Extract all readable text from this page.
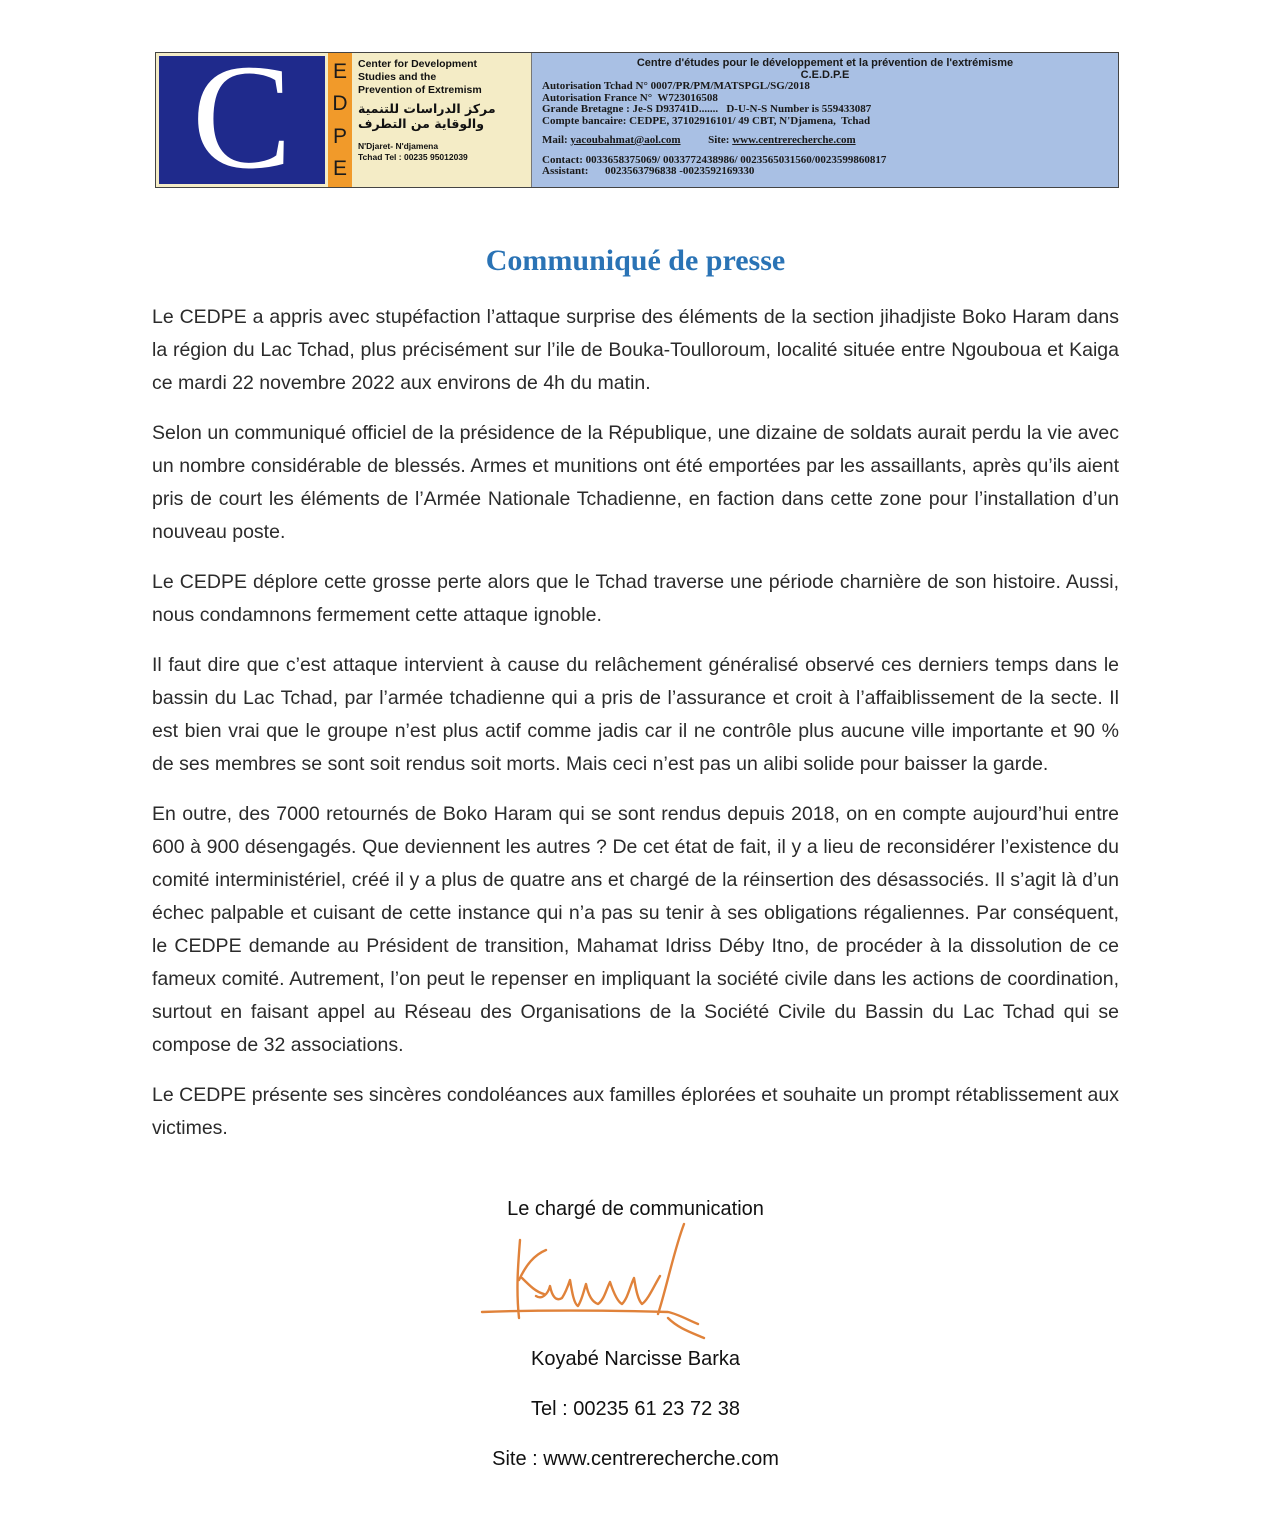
C E
D
P
E
Center for Development
Studies and the
Prevention of Extremism
مركز الدراسات للتنمية
والوقاية من التطرف
N'Djaret- N'djamena
Tchad Tel : 00235 95012039
Centre d'études pour le développement et la prévention de l'extrémisme
C.E.D.P.E
Autorisation Tchad N° 0007/PR/PM/MATSPGL/SG/2018
Autorisation France N°  W723016508
Grande Bretagne : Je-S D93741D.......   D-U-N-S Number is 559433087
Compte bancaire: CEDPE, 37102916101/ 49 CBT, N'Djamena,  Tchad
Mail: yacoubahmat@aol.com	Site: www.centrerecherche.com
Contact: 0033658375069/ 0033772438986/ 0023565031560/0023599860817
Assistant:      0023563796838 -0023592169330
Communiqué de presse

Le CEDPE a appris avec stupéfaction l’attaque surprise des éléments de la section jihadjiste Boko Haram dans la région du Lac Tchad, plus précisément sur l’ile de Bouka-Toulloroum, localité située entre Ngouboua et Kaiga ce mardi 22 novembre 2022 aux environs de 4h du matin.

Selon un communiqué officiel de la présidence de la République, une dizaine de soldats aurait perdu la vie avec un nombre considérable de blessés. Armes et munitions ont été emportées par les assaillants, après qu’ils aient pris de court les éléments de l’Armée Nationale Tchadienne, en faction dans cette zone pour l’installation d’un nouveau poste.

Le CEDPE déplore cette grosse perte alors que le Tchad traverse une période charnière de son histoire. Aussi, nous condamnons fermement cette attaque ignoble.

Il faut dire que c’est attaque intervient à cause du relâchement généralisé observé ces derniers temps dans le bassin du Lac Tchad, par l’armée tchadienne qui a pris de l’assurance et croit à l’affaiblissement de la secte. Il est bien vrai que le groupe n’est plus actif comme jadis car il ne contrôle plus aucune ville importante et 90 % de ses membres se sont soit rendus soit morts. Mais ceci n’est pas un alibi solide pour baisser la garde.

En outre, des 7000 retournés de Boko Haram qui se sont rendus depuis 2018, on en compte aujourd’hui entre 600 à 900 désengagés. Que deviennent les autres ? De cet état de fait, il y a lieu de reconsidérer l’existence du comité interministériel, créé il y a plus de quatre ans et chargé de la réinsertion des désassociés. Il s’agit là d’un échec palpable et cuisant de cette instance qui n’a pas su tenir à ses obligations régaliennes. Par conséquent, le CEDPE demande au Président de transition, Mahamat Idriss Déby Itno, de procéder à la dissolution de ce fameux comité. Autrement, l’on peut le repenser en impliquant la société civile dans les actions de coordination, surtout en faisant appel au Réseau des Organisations de la Société Civile du Bassin du Lac Tchad qui se compose de 32 associations.

Le CEDPE présente ses sincères condoléances aux familles éplorées et souhaite un prompt rétablissement aux victimes.

Le chargé de communication
Koyabé Narcisse Barka
Tel : 00235 61 23 72 38
Site : www.centrerecherche.com
